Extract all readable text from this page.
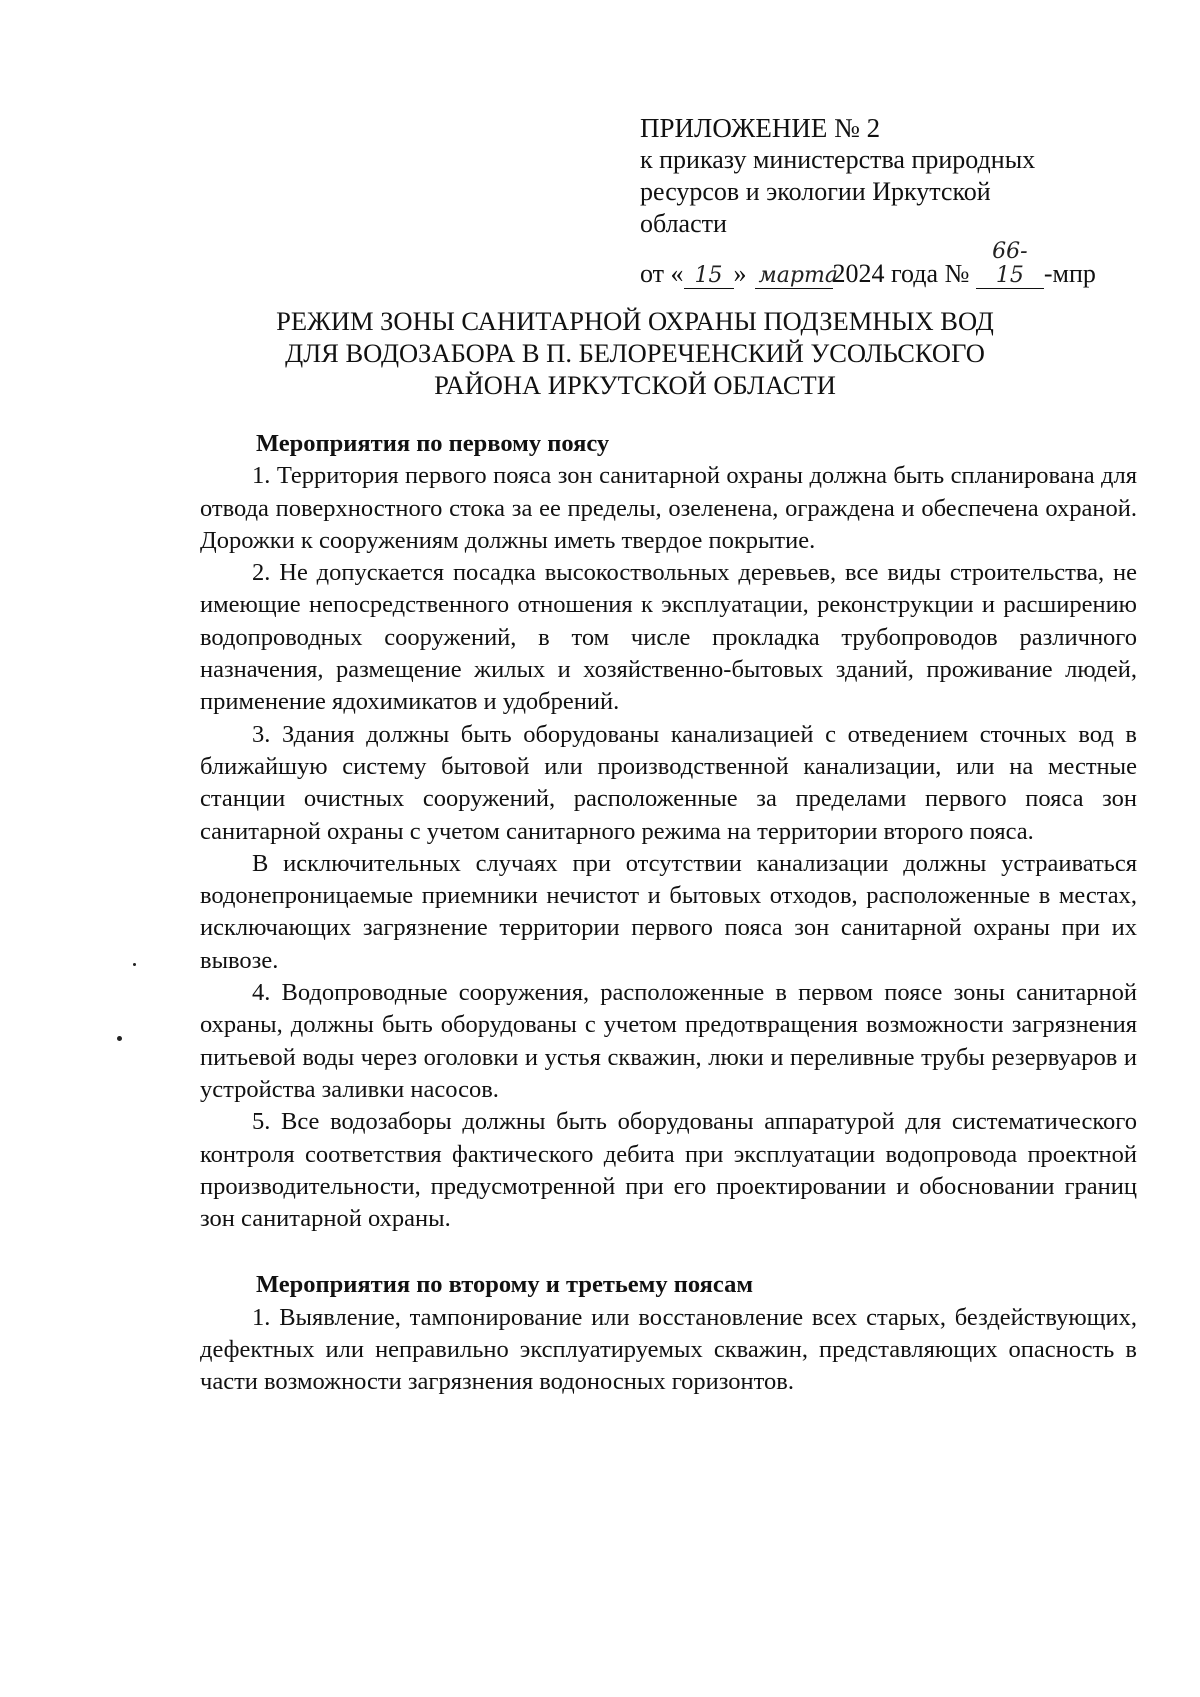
ПРИЛОЖЕНИЕ № 2
к приказу министерства природных
ресурсов и экологии Иркутской
области
от « 15 » марта2024 года № 66-15 -мпр
РЕЖИМ ЗОНЫ САНИТАРНОЙ ОХРАНЫ ПОДЗЕМНЫХ ВОД
ДЛЯ ВОДОЗАБОРА В П. БЕЛОРЕЧЕНСКИЙ УСОЛЬСКОГО
РАЙОНА ИРКУТСКОЙ ОБЛАСТИ

Мероприятия по первому поясу

1. Территория первого пояса зон санитарной охраны должна быть спланирована для отвода поверхностного стока за ее пределы, озеленена, ограждена и обеспечена охраной. Дорожки к сооружениям должны иметь твердое покрытие.

2. Не допускается посадка высокоствольных деревьев, все виды строительства, не имеющие непосредственного отношения к эксплуатации, реконструкции и расширению водопроводных сооружений, в том числе прокладка трубопроводов различного назначения, размещение жилых и хозяйственно-бытовых зданий, проживание людей, применение ядохимикатов и удобрений.

3. Здания должны быть оборудованы канализацией с отведением сточных вод в ближайшую систему бытовой или производственной канализации, или на местные станции очистных сооружений, расположенные за пределами первого пояса зон санитарной охраны с учетом санитарного режима на территории второго пояса.

В исключительных случаях при отсутствии канализации должны устраиваться водонепроницаемые приемники нечистот и бытовых отходов, расположенные в местах, исключающих загрязнение территории первого пояса зон санитарной охраны при их вывозе.

4. Водопроводные сооружения, расположенные в первом поясе зоны санитарной охраны, должны быть оборудованы с учетом предотвращения возможности загрязнения питьевой воды через оголовки и устья скважин, люки и переливные трубы резервуаров и устройства заливки насосов.

5. Все водозаборы должны быть оборудованы аппаратурой для систематического контроля соответствия фактического дебита при эксплуатации водопровода проектной производительности, предусмотренной при его проектировании и обосновании границ зон санитарной охраны.

Мероприятия по второму и третьему поясам

1. Выявление, тампонирование или восстановление всех старых, бездействующих, дефектных или неправильно эксплуатируемых скважин, представляющих опасность в части возможности загрязнения водоносных горизонтов.
